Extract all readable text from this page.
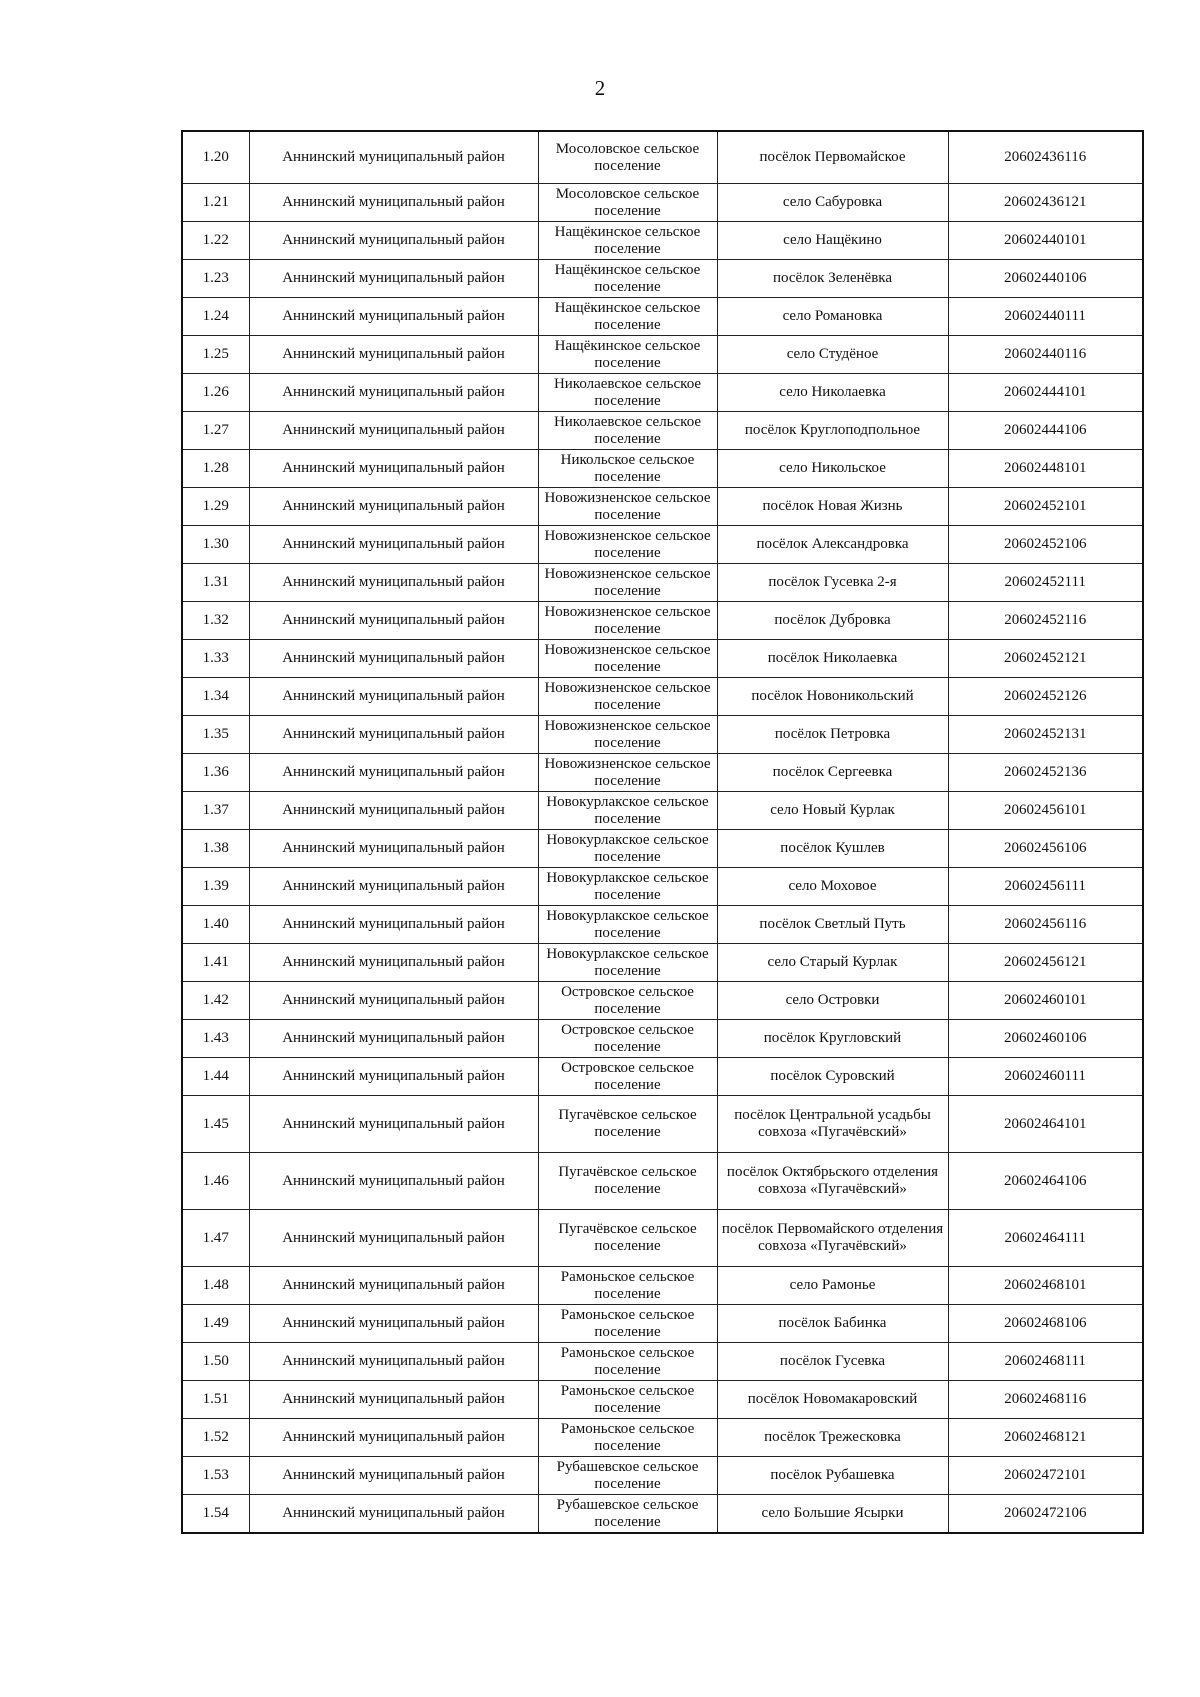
2
1.20	Аннинский муниципальный район	Мосоловское сельское поселение	посёлок Первомайское	20602436116
1.21	Аннинский муниципальный район	Мосоловское сельское поселение	село Сабуровка	20602436121
1.22	Аннинский муниципальный район	Нащёкинское сельское поселение	село Нащёкино	20602440101
1.23	Аннинский муниципальный район	Нащёкинское сельское поселение	посёлок Зеленёвка	20602440106
1.24	Аннинский муниципальный район	Нащёкинское сельское поселение	село Романовка	20602440111
1.25	Аннинский муниципальный район	Нащёкинское сельское поселение	село Студёное	20602440116
1.26	Аннинский муниципальный район	Николаевское сельское поселение	село Николаевка	20602444101
1.27	Аннинский муниципальный район	Николаевское сельское поселение	посёлок Круглоподпольное	20602444106
1.28	Аннинский муниципальный район	Никольское сельское поселение	село Никольское	20602448101
1.29	Аннинский муниципальный район	Новожизненское сельское поселение	посёлок Новая Жизнь	20602452101
1.30	Аннинский муниципальный район	Новожизненское сельское поселение	посёлок Александровка	20602452106
1.31	Аннинский муниципальный район	Новожизненское сельское поселение	посёлок Гусевка 2-я	20602452111
1.32	Аннинский муниципальный район	Новожизненское сельское поселение	посёлок Дубровка	20602452116
1.33	Аннинский муниципальный район	Новожизненское сельское поселение	посёлок Николаевка	20602452121
1.34	Аннинский муниципальный район	Новожизненское сельское поселение	посёлок Новоникольский	20602452126
1.35	Аннинский муниципальный район	Новожизненское сельское поселение	посёлок Петровка	20602452131
1.36	Аннинский муниципальный район	Новожизненское сельское поселение	посёлок Сергеевка	20602452136
1.37	Аннинский муниципальный район	Новокурлакское сельское поселение	село Новый Курлак	20602456101
1.38	Аннинский муниципальный район	Новокурлакское сельское поселение	посёлок Кушлев	20602456106
1.39	Аннинский муниципальный район	Новокурлакское сельское поселение	село Моховое	20602456111
1.40	Аннинский муниципальный район	Новокурлакское сельское поселение	посёлок Светлый Путь	20602456116
1.41	Аннинский муниципальный район	Новокурлакское сельское поселение	село Старый Курлак	20602456121
1.42	Аннинский муниципальный район	Островское сельское поселение	село Островки	20602460101
1.43	Аннинский муниципальный район	Островское сельское поселение	посёлок Кругловский	20602460106
1.44	Аннинский муниципальный район	Островское сельское поселение	посёлок Суровский	20602460111
1.45	Аннинский муниципальный район	Пугачёвское сельское поселение	посёлок Центральной усадьбы совхоза «Пугачёвский»	20602464101
1.46	Аннинский муниципальный район	Пугачёвское сельское поселение	посёлок Октябрьского отделения совхоза «Пугачёвский»	20602464106
1.47	Аннинский муниципальный район	Пугачёвское сельское поселение	посёлок Первомайского отделения совхоза «Пугачёвский»	20602464111
1.48	Аннинский муниципальный район	Рамоньское сельское поселение	село Рамонье	20602468101
1.49	Аннинский муниципальный район	Рамоньское сельское поселение	посёлок Бабинка	20602468106
1.50	Аннинский муниципальный район	Рамоньское сельское поселение	посёлок Гусевка	20602468111
1.51	Аннинский муниципальный район	Рамоньское сельское поселение	посёлок Новомакаровский	20602468116
1.52	Аннинский муниципальный район	Рамоньское сельское поселение	посёлок Трежесковка	20602468121
1.53	Аннинский муниципальный район	Рубашевское сельское поселение	посёлок Рубашевка	20602472101
1.54	Аннинский муниципальный район	Рубашевское сельское поселение	село Большие Ясырки	20602472106
